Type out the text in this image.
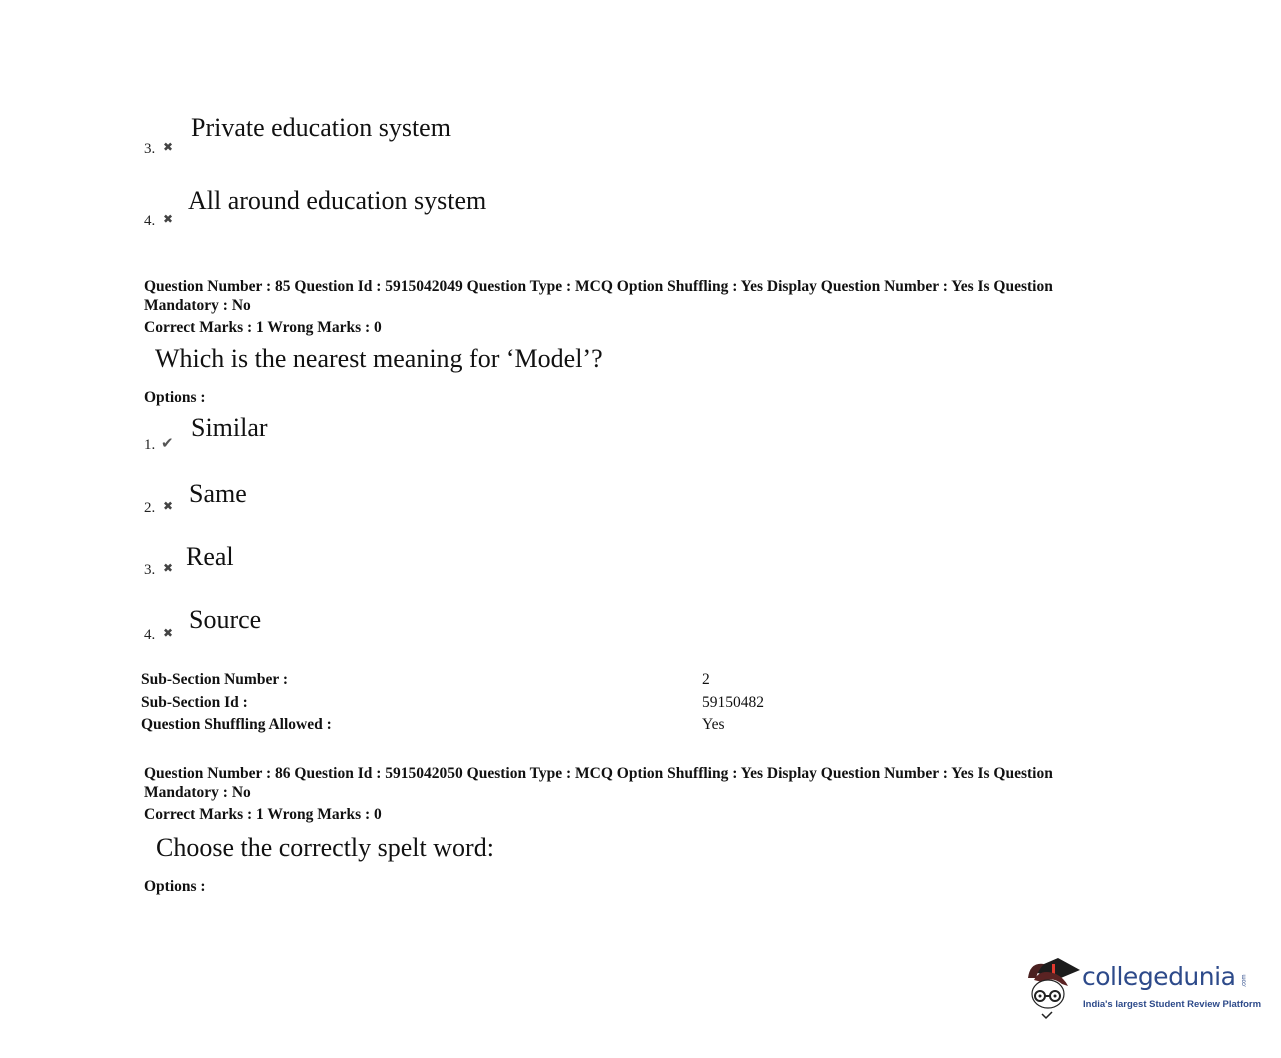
3. ✖
Private education system
4. ✖
All around education system
Question Number : 85 Question Id : 5915042049 Question Type : MCQ Option Shuffling : Yes Display Question Number : Yes Is Question Mandatory : No
Correct Marks : 1 Wrong Marks : 0
Which is the nearest meaning for ‘Model’?
Options :
1. ✔
Similar
2. ✖ Same
3. ✖ Real
4. ✖ Source
Sub-Section Number :	2
Sub-Section Id :	59150482
Question Shuffling Allowed :	Yes
Question Number : 86 Question Id : 5915042050 Question Type : MCQ Option Shuffling : Yes Display Question Number : Yes Is Question Mandatory : No
Correct Marks : 1 Wrong Marks : 0
Choose the correctly spelt word:
Options :
collegedunia .com
India's largest Student Review Platform
